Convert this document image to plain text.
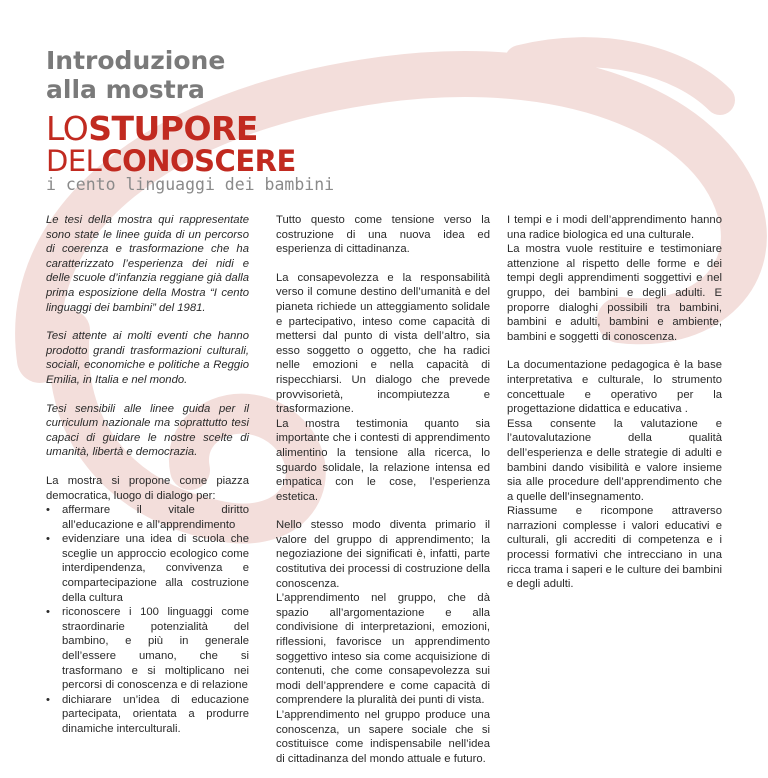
Introduzione
alla mostra
LOSTUPORE
DELCONOSCERE
i cento linguaggi dei bambini

Le tesi della mostra qui rappresentate sono state le linee guida di un percorso di coerenza e trasformazione che ha caratterizzato l’esperienza dei nidi e delle scuole d’infanzia reggiane già dalla prima esposizione della Mostra “I cento linguaggi dei bambini” del 1981.

Tesi attente ai molti eventi che hanno prodotto grandi trasformazioni culturali, sociali, economiche e politiche a Reggio Emilia, in Italia e nel mondo.

Tesi sensibili alle linee guida per il curriculum nazionale ma soprattutto tesi capaci di guidare le nostre scelte di umanità, libertà e democrazia.

La mostra si propone come piazza democratica, luogo di dialogo per:

• affermare il vitale diritto all’educazione e all’apprendimento
• evidenziare una idea di scuola che sceglie un approccio ecologico come interdipendenza, convivenza e compartecipazione alla costruzione della cultura
• riconoscere i 100 linguaggi come straordinarie potenzialità del bambino, e più in generale dell’essere umano, che si trasformano e si moltiplicano nei percorsi di conoscenza e di relazione
• dichiarare un’idea di educazione partecipata, orientata a produrre dinamiche interculturali.

Tutto questo come tensione verso la costruzione di una nuova idea ed esperienza di cittadinanza.

La consapevolezza e la responsabilità verso il comune destino dell’umanità e del pianeta richiede un atteggiamento solidale e partecipativo, inteso come capacità di mettersi dal punto di vista dell’altro, sia esso soggetto o oggetto, che ha radici nelle emozioni e nella capacità di rispecchiarsi. Un dialogo che prevede provvisorietà, incompiutezza e trasformazione.

La mostra testimonia quanto sia importante che i contesti di apprendimento alimentino la tensione alla ricerca, lo sguardo solidale, la relazione intensa ed empatica con le cose, l’esperienza estetica.

Nello stesso modo diventa primario il valore del gruppo di apprendimento; la negoziazione dei significati è, infatti, parte costitutiva dei processi di costruzione della conoscenza.

L’apprendimento nel gruppo, che dà spazio all’argomentazione e alla condivisione di interpretazioni, emozioni, riflessioni, favorisce un apprendimento soggettivo inteso sia come acquisizione di contenuti, che come consapevolezza sui modi dell’apprendere e come capacità di comprendere la pluralità dei punti di vista.

L’apprendimento nel gruppo produce una conoscenza, un sapere sociale che si costituisce come indispensabile nell’idea di cittadinanza del mondo attuale e futuro.

I tempi e i modi dell’apprendimento hanno una radice biologica ed una culturale.

La mostra vuole restituire e testimoniare attenzione al rispetto delle forme e dei tempi degli apprendimenti soggettivi e nel gruppo, dei bambini e degli adulti. E proporre dialoghi possibili tra bambini, bambini e adulti, bambini e ambiente, bambini e soggetti di conoscenza.

La documentazione pedagogica è la base interpretativa e culturale, lo strumento concettuale e operativo per la progettazione didattica e educativa .

Essa consente la valutazione e l’autovalutazione della qualità dell’esperienza e delle strategie di adulti e bambini dando visibilità e valore insieme sia alle procedure dell’apprendimento che a quelle dell’insegnamento.

Riassume e ricompone attraverso narrazioni complesse i valori educativi e culturali, gli accrediti di competenza e i processi formativi che intrecciano in una ricca trama i saperi e le culture dei bambini e degli adulti.
